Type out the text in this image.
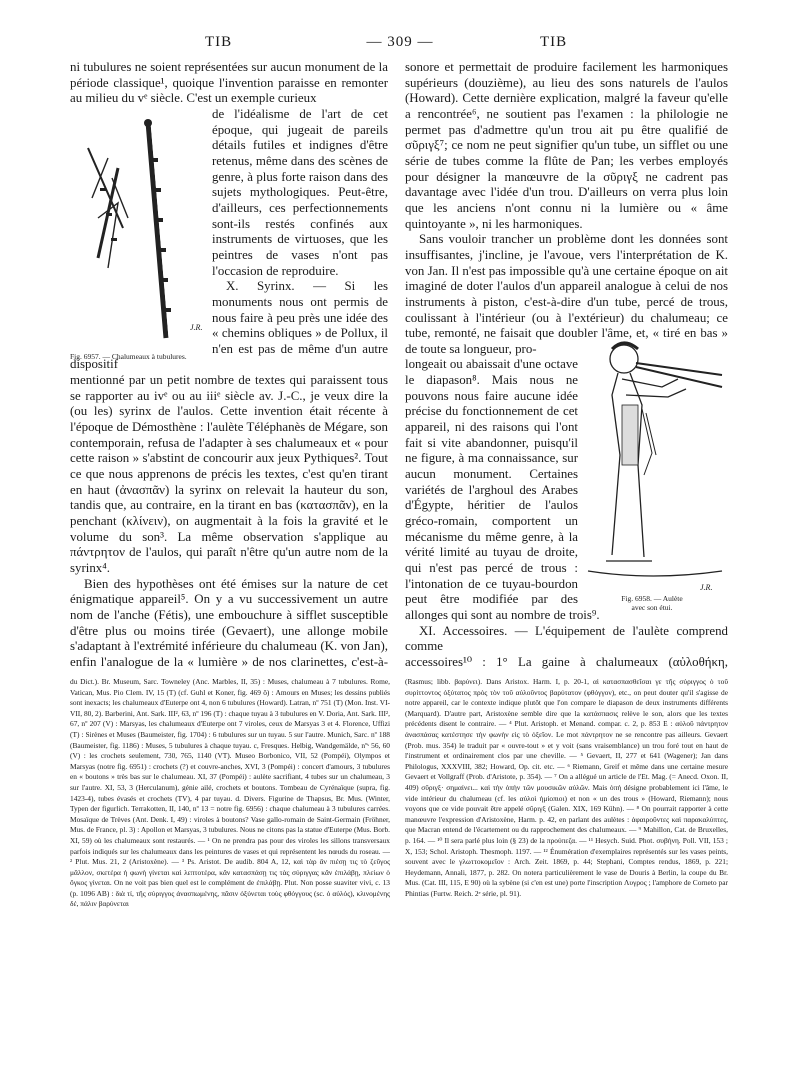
TIB	— 309 —	TIB

ni tubulures ne soient représentées sur aucun monument de la période classique¹, quoique l'invention paraisse en remonter au milieu du vᵉ siècle. C'est un exemple curieux

de l'idéalisme de l'art de cet époque, qui jugeait de pareils détails futiles et indignes d'être retenus, même dans des scènes de genre, à plus forte raison dans des sujets mythologiques. Peut-être, d'ailleurs, ces perfectionnements sont-ils restés confinés aux instruments de virtuoses, que les peintres de vases n'ont pas l'occasion de reproduire.

X. Syrinx. — Si les monuments nous ont permis de nous faire à peu près une idée des « chemins obliques » de Pollux, il n'en est pas de même d'un autre dispositif

mentionné par un petit nombre de textes qui paraissent tous se rapporter au ivᵉ ou au iiiᵉ siècle av. J.-C., je veux dire la (ou les) syrinx de l'aulos. Cette invention était récente à l'époque de Démosthène : l'aulète Téléphanès de Mégare, son contemporain, refusa de l'adapter à ses chalumeaux et « pour cette raison » s'abstint de concourir aux jeux Pythiques². Tout ce que nous apprenons de précis les textes, c'est qu'en tirant en haut (ἀνασπᾶν) la syrinx on relevait la hauteur du son, tandis que, au contraire, en la tirant en bas (κατασπᾶν), en la penchant (κλίνειν), on augmentait à la fois la gravité et le volume du son³. La même observation s'applique au πάντρητον de l'aulos, qui paraît n'être qu'un autre nom de la syrinx⁴.

Bien des hypothèses ont été émises sur la nature de cet énigmatique appareil⁵. On y a vu successivement un autre nom de l'anche (Fétis), une embouchure à sifflet susceptible d'être plus ou moins tirée (Gevaert), une allonge mobile s'adaptant à l'extrémité inférieure du chalumeau (K. von Jan), enfin l'analogue de la « lumière » de nos clarinettes, c'est-à-

J.R.
Fig. 6957. — Chalumeaux à tubulures.

sonore et permettait de produire facilement les harmoniques supérieurs (douzième), au lieu des sons naturels de l'aulos (Howard). Cette dernière explication, malgré la faveur qu'elle a rencontrée⁶, ne soutient pas l'examen : la philologie ne permet pas d'admettre qu'un trou ait pu être qualifié de σῦριγξ⁷; ce nom ne peut signifier qu'un tube, un sifflet ou une série de tubes comme la flûte de Pan; les verbes employés pour désigner la manœuvre de la σῦριγξ ne cadrent pas davantage avec l'idée d'un trou. D'ailleurs on verra plus loin que les anciens n'ont connu ni la lumière ou « âme quintoyante », ni les harmoniques.

Sans vouloir trancher un problème dont les données sont insuffisantes, j'incline, je l'avoue, vers l'interprétation de K. von Jan. Il n'est pas impossible qu'à une certaine époque on ait imaginé de doter l'aulos d'un appareil analogue à celui de nos instruments à piston, c'est-à-dire d'un tube, percé de trous, coulissant à l'intérieur (ou à l'extérieur) du chalumeau; ce tube, remonté, ne faisait que doubler l'âme, et, « tiré en bas » de toute sa longueur, pro-

longeait ou abaissait d'une octave le diapason⁸. Mais nous ne pouvons nous faire aucune idée précise du fonctionnement de cet appareil, ni des raisons qui l'ont fait si vite abandonner, puisqu'il ne figure, à ma connaissance, sur aucun monument. Certaines variétés de l'arghoul des Arabes d'Égypte, héritier de l'aulos gréco-romain, comportent un mécanisme du même genre, à la vérité limité au tuyau de droite, qui n'est pas percé de trous : l'intonation de ce tuyau-bourdon peut être modifiée par des allonges qui sont au nombre de trois⁹.

XI. Accessoires. — L'équipement de l'aulète comprend comme

accessoires¹⁰ : 1° La gaine à chalumeaux (αὐλοθήκη,

J.R.
Fig. 6958. — Aulète
avec son étui.

du Dict.). Br. Museum, Sarc. Towneley (Anc. Marbles, II, 35) : Muses, chalumeau à 7 tubulures. Rome, Vatican, Mus. Pio Clem. IV, 15 (T) (cf. Guhl et Koner, fig. 469 ô) : Amours en Muses; les dessins publiés sont inexacts; les chalumeaux d'Euterpe ont 4, non 6 tubulures (Howard). Latran, nº 751 (T) (Mon. Inst. VI-VII, 80, 2). Barberini, Ant. Sark. III², 63, nº 196 (T) : chaque tuyau à 3 tubulures en V. Doria, Ant. Sark. III², 67, nº 207 (V) : Marsyas, les chalumeaux d'Euterpe ont 7 viroles, ceux de Marsyas 3 et 4. Florence, Uffizi (T) : Sirènes et Muses (Baumeister, fig. 1704) : 6 tubulures sur un tuyau. 5 sur l'autre. Munich, Sarc. nº 188 (Baumeister, fig. 1186) : Muses, 5 tubulures à chaque tuyau. c, Fresques. Helbig, Wandgemälde, nºˢ 56, 60 (V) : les crochets seulement, 730, 765, 1140 (VT). Museo Borbonico, VII, 52 (Pompéi), Olympos et Marsyas (notre fig. 6951) : crochets (?) et couvre-anches, XVI, 3 (Pompéi) : concert d'amours, 3 tubulures en « boutons » très bas sur le chalumeau. XI, 37 (Pompéi) : aulète sacrifiant, 4 tubes sur un chalumeau, 3 sur l'autre. XI, 53, 3 (Herculanum), génie ailé, crochets et boutons. Tombeau de Cyrénaïque (supra, fig. 1423-4), tubes évasés et crochets (TV), 4 par tuyau. d. Divers. Figurine de Thapsus, Br. Mus. (Winter, Typen der figurlich. Terrakotten, II, 140, nº 13 = notre fig. 6956) : chaque chalumeau à 3 tubulures carrées. Mosaïque de Trèves (Ant. Denk. I, 49) : viroles à boutons? Vase gallo-romain de Saint-Germain (Fröhner, Mus. de France, pl. 3) : Apollon et Marsyas, 3 tubulures. Nous ne citons pas la statue d'Euterpe (Mus. Borb. XI, 59) où les chalumeaux sont restaurés. — ¹ On ne prendra pas pour des viroles les sillons transversaux parfois indiqués sur les chalumeaux dans les peintures de vases et qui représentent les nœuds du roseau. — ² Plut. Mus. 21, 2 (Aristoxène). — ³ Ps. Aristot. De audib. 804 A, 12, καὶ τὰρ ἂν πιέσῃ τις τὸ ζεῦγος μᾶλλον, σκετέρα ἡ φωνὴ γίνεται καὶ λεπτοτέρα, κἂν κατασπάσῃ τις τὰς σύριγγας κἂν ἐπιλάβῃ, πλείων ὁ ὄγκος γίνεται. On ne voit pas bien quel est le complément de ἐπιλάβῃ. Plut. Non posse suaviter vivi, c. 13 (p. 1096 AB) : διὰ τί, τῆς σύριγγος ἀνασπωμένης, πᾶσιν ὀξύνεται τοὺς φθόγγους (sc. ὁ αὐλός), κλινομένης δέ, πάλιν βαρύνεται

(Rasmus; libb. βαρύνει). Dans Aristox. Harm. I, p. 20-1, αἱ κατασπασθεῖσαι γε τῆς σύριγγος ὁ τοῦ συρίττοντος ὀξύτατος πρὸς τὸν τοῦ αὐλοῦντος βαρύτατον (φθόγγον), etc., on peut douter qu'il s'agisse de notre appareil, car le contexte indique plutôt que l'on compare le diapason de deux instruments différents (Marquard). D'autre part, Aristoxène semble dire que la κατάσπασις relève le son, alors que les textes précédents disent le contraire. — ⁴ Plut. Aristoph. et Menand. compar. c. 2, p. 853 E : αὐλοῦ πάντρητον ἀνασπάσας κατέστησε τὴν φωνὴν εἰς τὸ ὀξεῖον. Le mot πάντρητον ne se rencontre pas ailleurs. Gevaert (Prob. mus. 354) le traduit par « ouvre-tout » et y voit (sans vraisemblance) un trou foré tout en haut de l'instrument et ordinairement clos par une cheville. — ⁵ Gevaert, II, 277 et 641 (Wagener); Jan dans Philologus, XXXVIII, 382; Howard, Op. cit. etc. — ⁶ Riemann, Greif et même dans une certaine mesure Gevaert et Vollgraff (Prob. d'Aristote, p. 354). — ⁷ On a allégué un article de l'Et. Mag. (= Anecd. Oxon. II, 409) σῦριγξ· σημαίνει... καὶ τὴν ὀπὴν τῶν μουσικῶν αὐλῶν. Mais ὀπή désigne probablement ici l'âme, le vide intérieur du chalumeau (cf. les αὐλοὶ ἡμίοπιοι) et non « un des trous » (Howard, Riemann); nous voyons que ce vide pouvait être appelé σῦριγξ (Galen. XIX, 169 Kühn). — ⁸ On pourrait rapporter à cette manœuvre l'expression d'Aristoxène, Harm. p. 42, en parlant des aulètes : ἀφαιροῦντες καὶ παρακαλύπτες, que Macran entend de l'écartement ou du rapprochement des chalumeaux. — ⁹ Mahillon, Cat. de Bruxelles, p. 164. — ¹⁰ Il sera parlé plus loin (§ 23) de la προύπεζα. — ¹¹ Hesych. Suid. Phot. συβήνη. Poll. VII, 153 ; X, 153; Schol. Aristoph. Thesmoph. 1197. — ¹² Énumération d'exemplaires représentés sur les vases peints, souvent avec le γλωττοκομεῖον : Arch. Zeit. 1869, p. 44; Stephani, Comptes rendus, 1869, p. 221; Heydemann, Annali, 1877, p. 282. On notera particulièrement le vase de Douris à Berlin, la coupe du Br. Mus. (Cat. III, 115, E 90) où la sybène (si c'en est une) porte l'inscription Λυγρος ; l'amphore de Corneto par Phintias (Furtw. Reich. 2ᵉ série, pl. 91).
